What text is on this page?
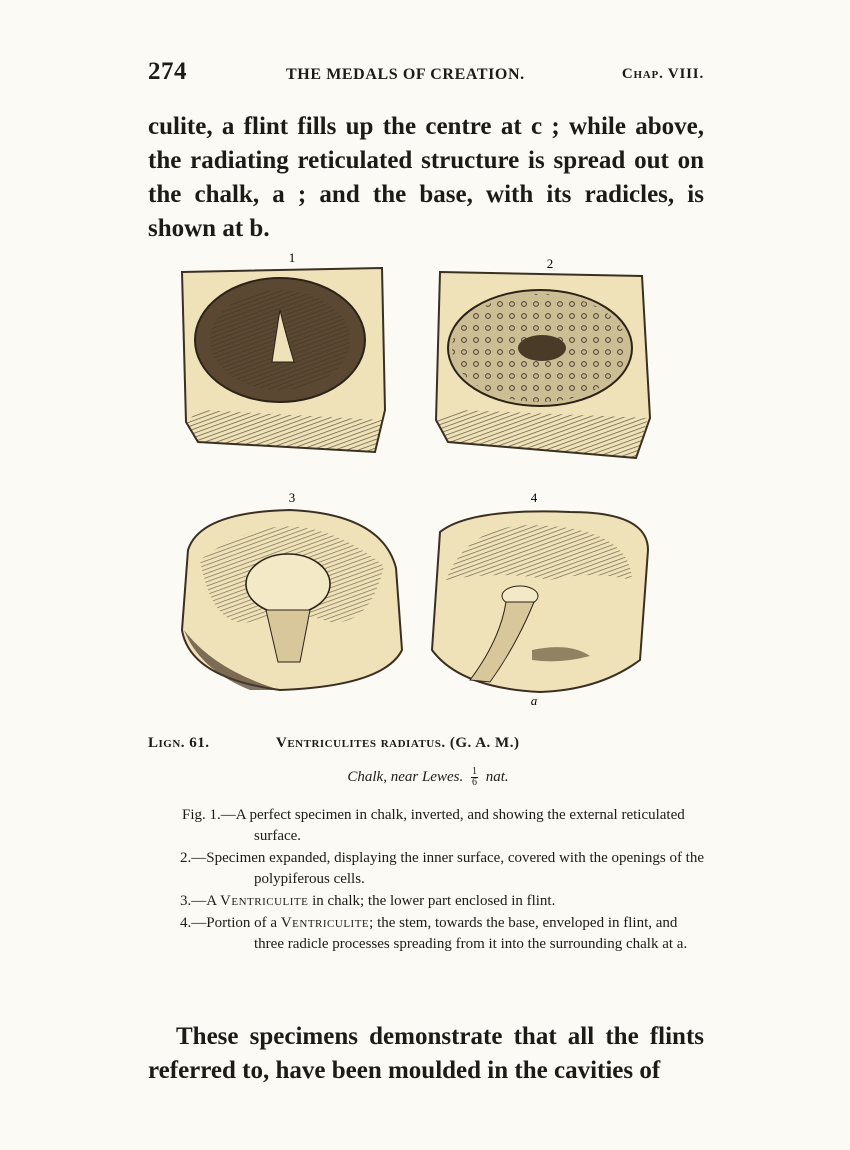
274	THE MEDALS OF CREATION.	Chap. VIII.
culite, a flint fills up the centre at c ; while above, the radiating reticulated structure is spread out on the chalk, a ; and the base, with its radicles, is shown at b.
1	2
3	4
a
Lign. 61.	Ventriculites radiatus. (G. A. M.)
Chalk, near Lewes. $\frac{1}{6}$ nat.
Fig. 1.—A perfect specimen in chalk, inverted, and showing the external reticulated surface.
2.—Specimen expanded, displaying the inner surface, covered with the openings of the polypiferous cells.
3.—A Ventriculite in chalk; the lower part enclosed in flint.
4.—Portion of a Ventriculite; the stem, towards the base, enveloped in flint, and three radicle processes spreading from it into the surrounding chalk at a.
These specimens demonstrate that all the flints referred to, have been moulded in the cavities of
